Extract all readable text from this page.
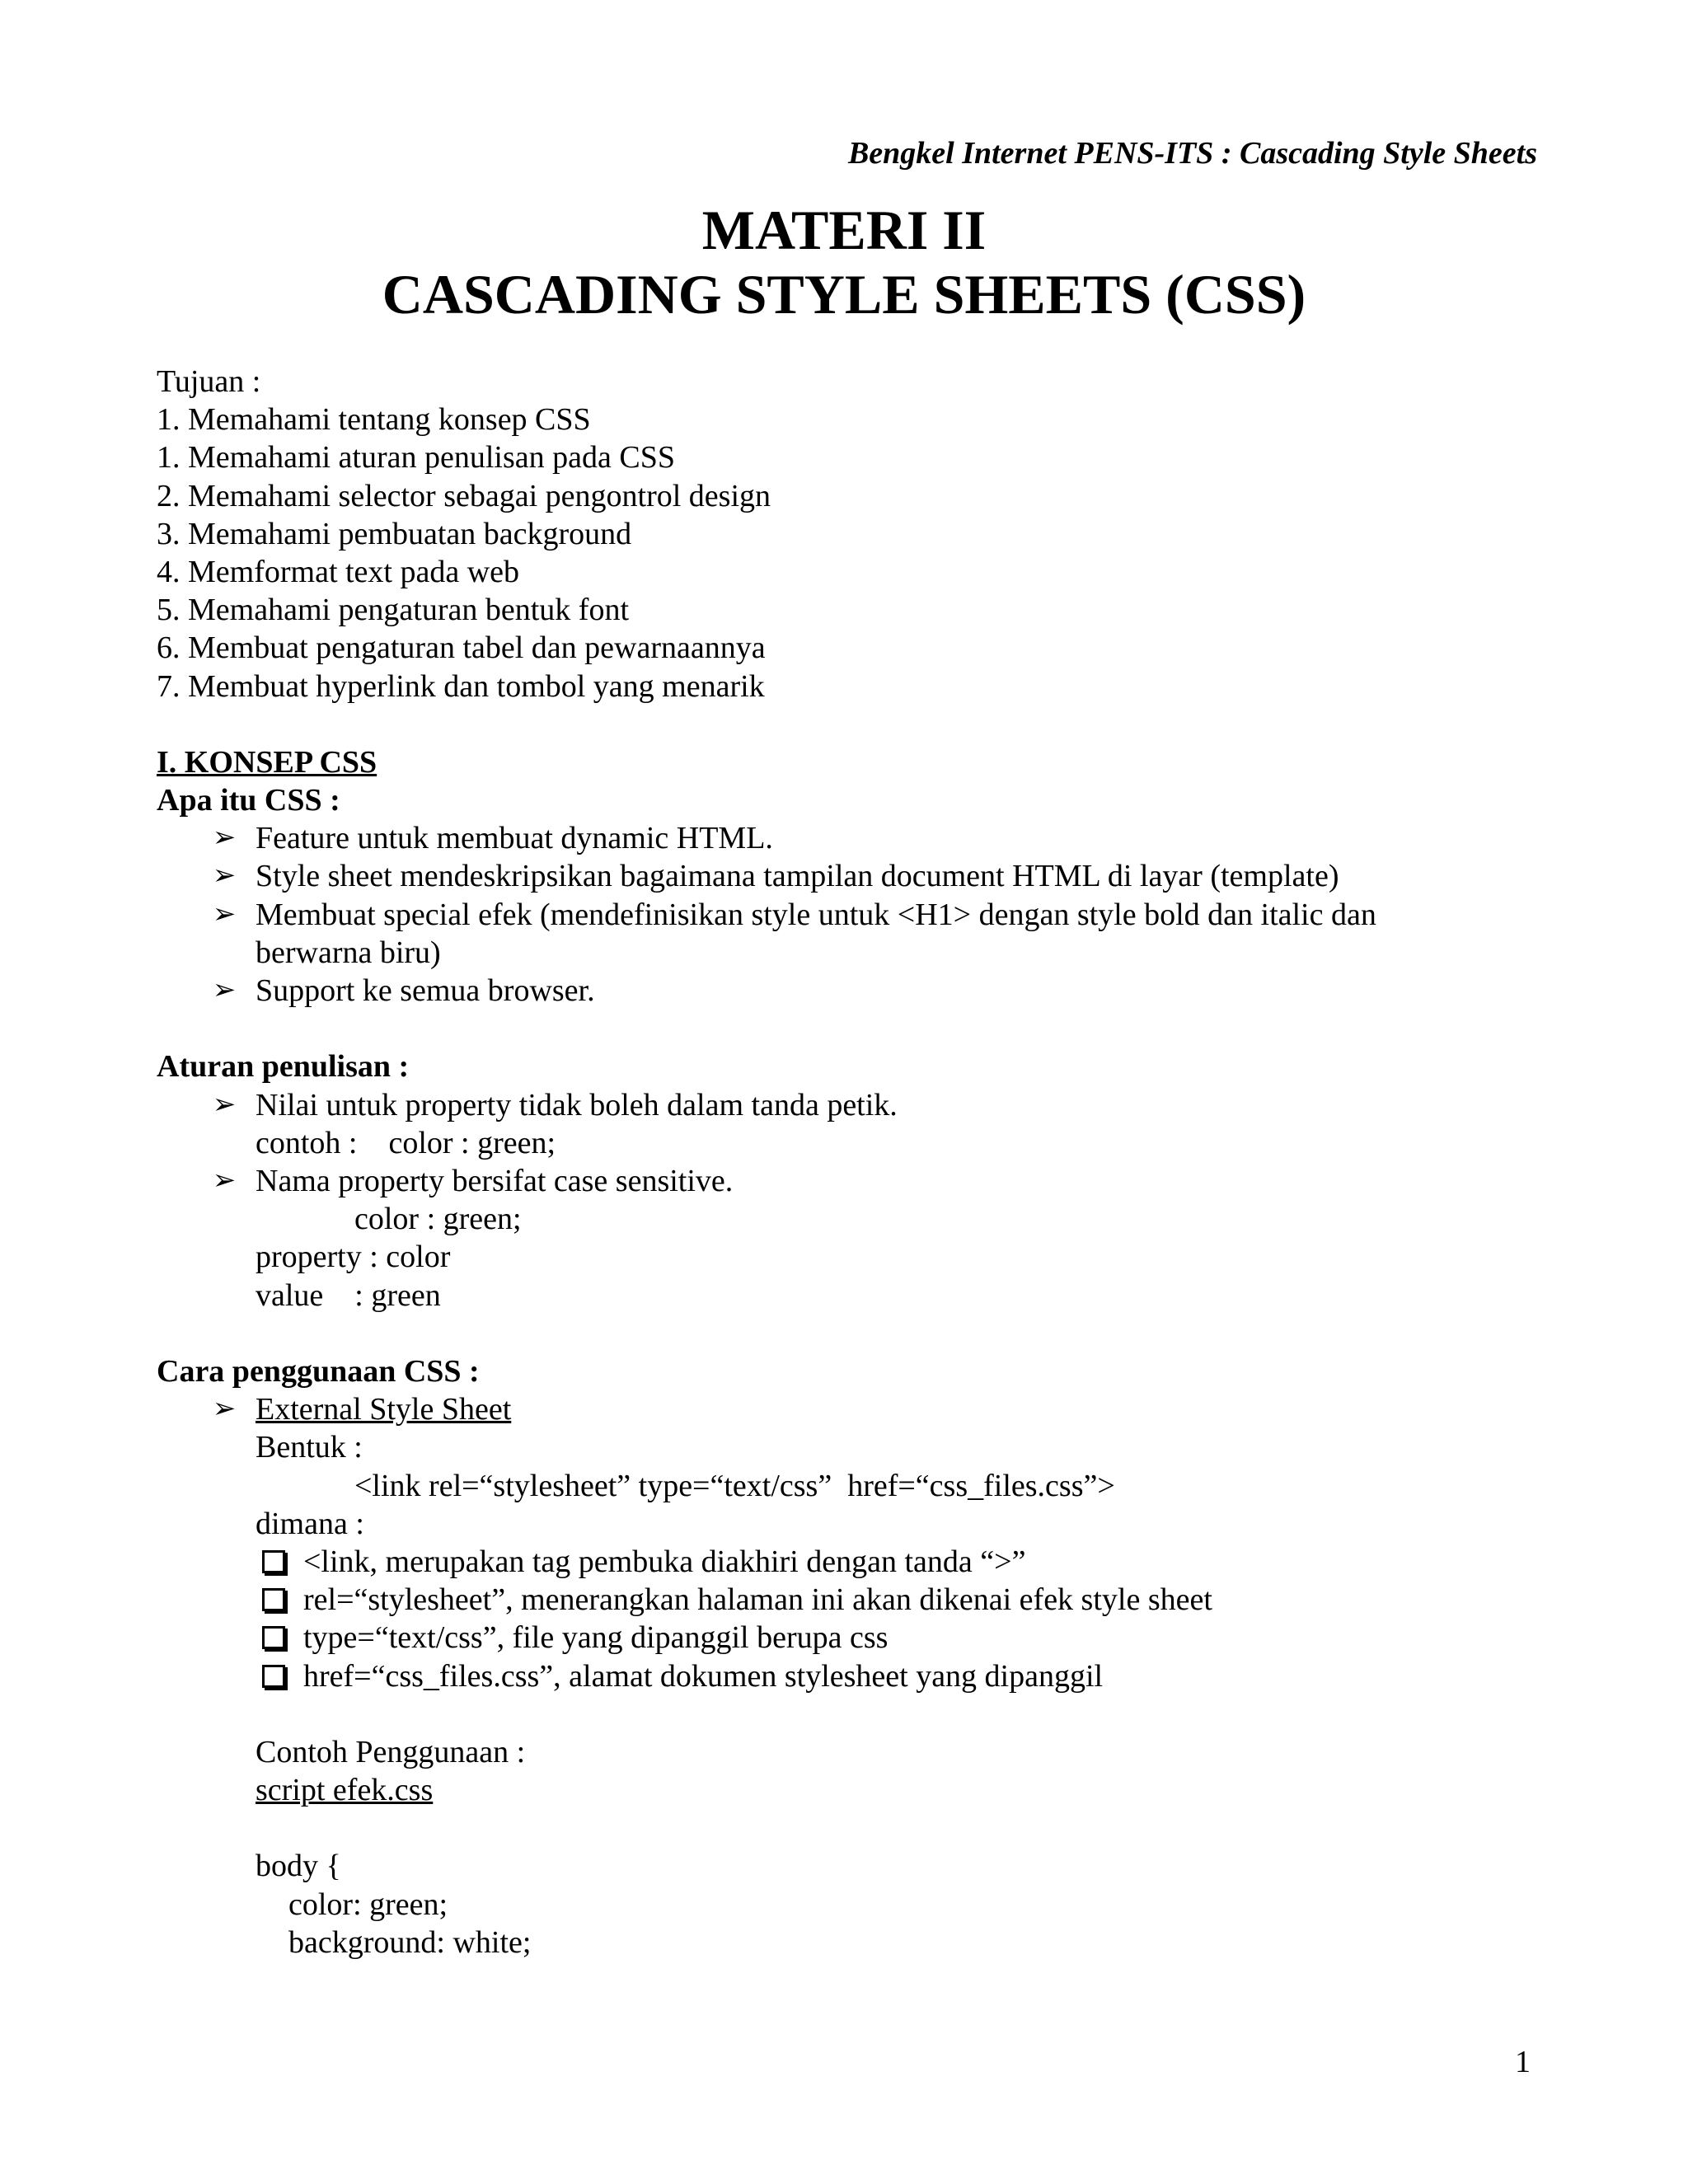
Bengkel Internet PENS-ITS : Cascading Style Sheets
MATERI II
CASCADING STYLE SHEETS (CSS)
Tujuan :
1. Memahami tentang konsep CSS
1. Memahami aturan penulisan pada CSS
2. Memahami selector sebagai pengontrol design
3. Memahami pembuatan background
4. Memformat text pada web
5. Memahami pengaturan bentuk font
6. Membuat pengaturan tabel dan pewarnaannya
7. Membuat hyperlink dan tombol yang menarik
I. KONSEP CSS
Apa itu CSS :
➢ Feature untuk membuat dynamic HTML.
➢ Style sheet mendeskripsikan bagaimana tampilan document HTML di layar (template)
➢ Membuat special efek (mendefinisikan style untuk <H1> dengan style bold dan italic dan
berwarna biru)
➢ Support ke semua browser.
Aturan penulisan :
➢ Nilai untuk property tidak boleh dalam tanda petik.
contoh :    color : green;
➢ Nama property bersifat case sensitive.
color : green;
property : color
value    : green
Cara penggunaan CSS :
➢ External Style Sheet
Bentuk :
<link rel=“stylesheet” type=“text/css”  href=“css_files.css”>
dimana :
<link, merupakan tag pembuka diakhiri dengan tanda “>”
rel=“stylesheet”, menerangkan halaman ini akan dikenai efek style sheet
type=“text/css”, file yang dipanggil berupa css
href=“css_files.css”, alamat dokumen stylesheet yang dipanggil
Contoh Penggunaan :
script efek.css
body {
color: green;
background: white;
1
